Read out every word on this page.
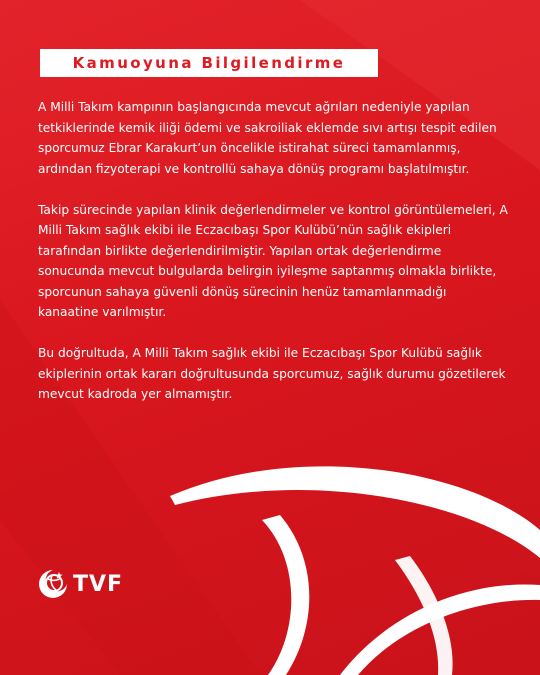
Kamuoyuna Bilgilendirme

A Milli Takım kampının başlangıcında mevcut ağrıları nedeniyle yapılan tetkiklerinde kemik iliği ödemi ve sakroiliak eklemde sıvı artışı tespit edilen sporcumuz Ebrar Karakurt’un öncelikle istirahat süreci tamamlanmış, ardından fizyoterapi ve kontrollü sahaya dönüş programı başlatılmıştır.

Takip sürecinde yapılan klinik değerlendirmeler ve kontrol görüntülemeleri, A Milli Takım sağlık ekibi ile Eczacıbaşı Spor Kulübü’nün sağlık ekipleri tarafından birlikte değerlendirilmiştir. Yapılan ortak değerlendirme sonucunda mevcut bulgularda belirgin iyileşme saptanmış olmakla birlikte, sporcunun sahaya güvenli dönüş sürecinin henüz tamamlanmadığı kanaatine varılmıştır.

Bu doğrultuda, A Milli Takım sağlık ekibi ile Eczacıbaşı Spor Kulübü sağlık ekiplerinin ortak kararı doğrultusunda sporcumuz, sağlık durumu gözetilerek mevcut kadroda yer almamıştır.

TVF
